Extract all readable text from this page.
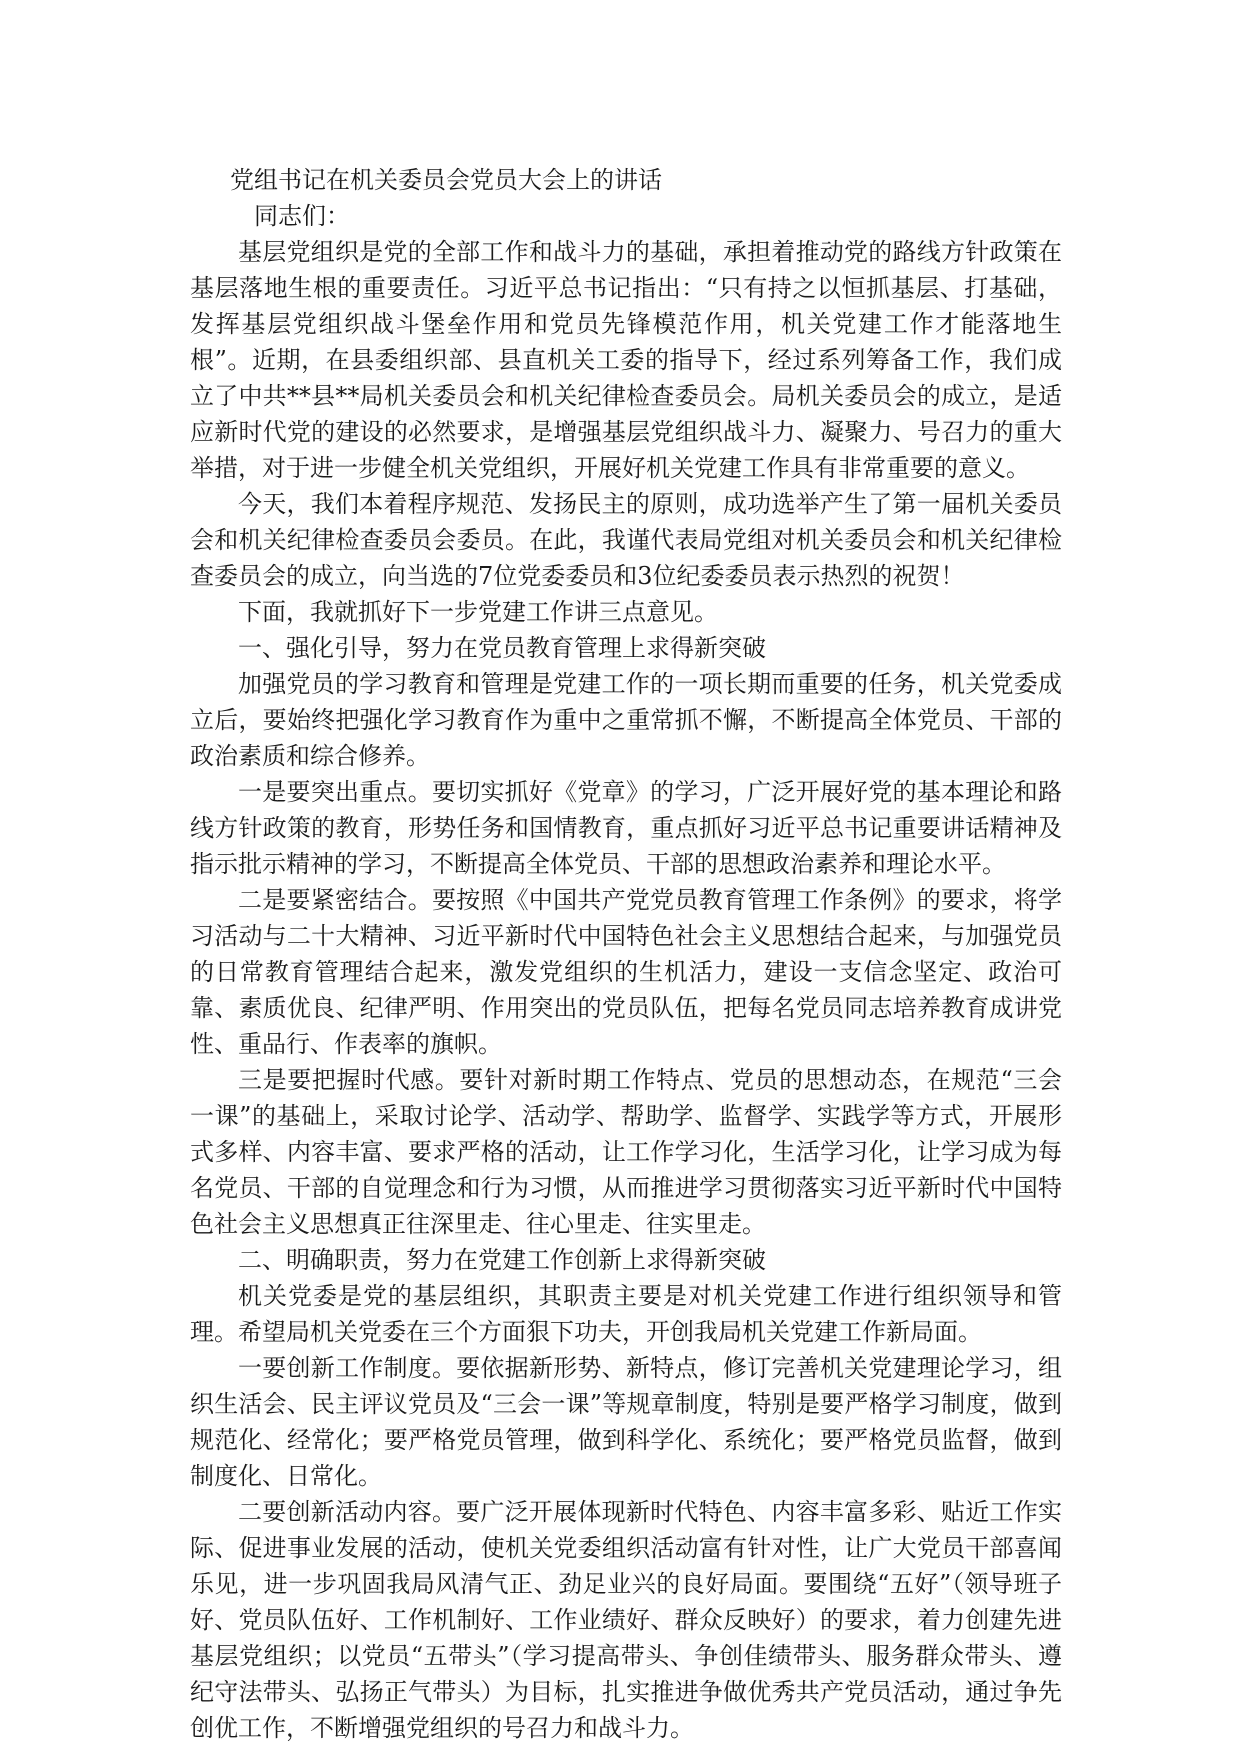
党组书记在机关委员会党员大会上的讲话

同志们：

基层党组织是党的全部工作和战斗力的基础，承担着推动党的路线方针政策在基层落地生根的重要责任。习近平总书记指出：“只有持之以恒抓基层、打基础，发挥基层党组织战斗堡垒作用和党员先锋模范作用，机关党建工作才能落地生根”。近期，在县委组织部、县直机关工委的指导下，经过系列筹备工作，我们成立了中共**县**局机关委员会和机关纪律检查委员会。局机关委员会的成立，是适应新时代党的建设的必然要求，是增强基层党组织战斗力、凝聚力、号召力的重大举措，对于进一步健全机关党组织，开展好机关党建工作具有非常重要的意义。

今天，我们本着程序规范、发扬民主的原则，成功选举产生了第一届机关委员会和机关纪律检查委员会委员。在此，我谨代表局党组对机关委员会和机关纪律检查委员会的成立，向当选的7位党委委员和3位纪委委员表示热烈的祝贺！

下面，我就抓好下一步党建工作讲三点意见。

一、强化引导，努力在党员教育管理上求得新突破

加强党员的学习教育和管理是党建工作的一项长期而重要的任务，机关党委成立后，要始终把强化学习教育作为重中之重常抓不懈，不断提高全体党员、干部的政治素质和综合修养。

一是要突出重点。要切实抓好《党章》的学习，广泛开展好党的基本理论和路线方针政策的教育，形势任务和国情教育，重点抓好习近平总书记重要讲话精神及指示批示精神的学习，不断提高全体党员、干部的思想政治素养和理论水平。

二是要紧密结合。要按照《中国共产党党员教育管理工作条例》的要求，将学习活动与二十大精神、习近平新时代中国特色社会主义思想结合起来，与加强党员的日常教育管理结合起来，激发党组织的生机活力，建设一支信念坚定、政治可靠、素质优良、纪律严明、作用突出的党员队伍，把每名党员同志培养教育成讲党性、重品行、作表率的旗帜。

三是要把握时代感。要针对新时期工作特点、党员的思想动态，在规范“三会一课”的基础上，采取讨论学、活动学、帮助学、监督学、实践学等方式，开展形式多样、内容丰富、要求严格的活动，让工作学习化，生活学习化，让学习成为每名党员、干部的自觉理念和行为习惯，从而推进学习贯彻落实习近平新时代中国特色社会主义思想真正往深里走、往心里走、往实里走。

二、明确职责，努力在党建工作创新上求得新突破

机关党委是党的基层组织，其职责主要是对机关党建工作进行组织领导和管理。希望局机关党委在三个方面狠下功夫，开创我局机关党建工作新局面。

一要创新工作制度。要依据新形势、新特点，修订完善机关党建理论学习，组织生活会、民主评议党员及“三会一课”等规章制度，特别是要严格学习制度，做到规范化、经常化；要严格党员管理，做到科学化、系统化；要严格党员监督，做到制度化、日常化。

二要创新活动内容。要广泛开展体现新时代特色、内容丰富多彩、贴近工作实际、促进事业发展的活动，使机关党委组织活动富有针对性，让广大党员干部喜闻乐见，进一步巩固我局风清气正、劲足业兴的良好局面。要围绕“五好”（领导班子好、党员队伍好、工作机制好、工作业绩好、群众反映好）的要求，着力创建先进基层党组织；以党员“五带头”（学习提高带头、争创佳绩带头、服务群众带头、遵纪守法带头、弘扬正气带头）为目标，扎实推进争做优秀共产党员活动，通过争先创优工作，不断增强党组织的号召力和战斗力。
